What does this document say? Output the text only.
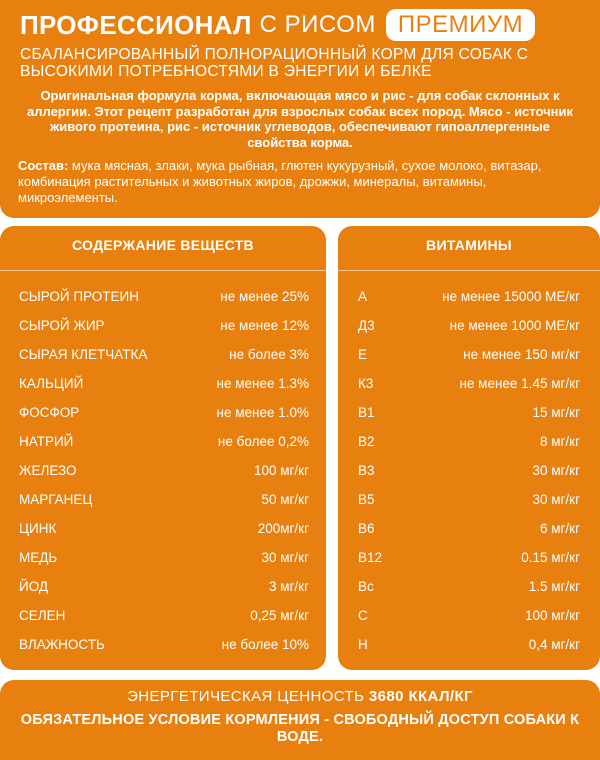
ПРОФЕССИОНАЛ С РИСОМ ПРЕМИУМ
СБАЛАНСИРОВАННЫЙ ПОЛНОРАЦИОННЫЙ КОРМ ДЛЯ СОБАК С ВЫСОКИМИ ПОТРЕБНОСТЯМИ В ЭНЕРГИИ И БЕЛКЕ
Оригинальная формула корма, включающая мясо и рис - для собак склонных к аллергии. Этот рецепт разработан для взрослых собак всех пород. Мясо - источник живого протеина, рис - источник углеводов, обеспечивают гипоаллергенные свойства корма.
Состав: мука мясная, злаки, мука рыбная, глютен кукурузный, сухое молоко, витазар, комбинация растительных и животных жиров, дрожжи, минералы, витамины, микроэлементы.
СОДЕРЖАНИЕ ВЕЩЕСТВ
СЫРОЙ ПРОТЕИН	не менее 25%
СЫРОЙ ЖИР	не менее 12%
СЫРАЯ КЛЕТЧАТКА	не более 3%
КАЛЬЦИЙ	не менее 1.3%
ФОСФОР	не менее 1.0%
НАТРИЙ	не более 0,2%
ЖЕЛЕЗО	100 мг/кг
МАРГАНЕЦ	50 мг/кг
ЦИНК	200мг/кг
МЕДЬ	30 мг/кг
ЙОД	3 мг/кг
СЕЛЕН	0,25 мг/кг
ВЛАЖНОСТЬ	не более 10%
ВИТАМИНЫ
А	не менее 15000 МЕ/кг
Д3	не менее 1000 МЕ/кг
Е	не менее 150 мг/кг
К3	не менее 1.45 мг/кг
В1	15 мг/кг
В2	8 мг/кг
В3	30 мг/кг
В5	30 мг/кг
В6	6 мг/кг
В12	0.15 мг/кг
Вс	1.5 мг/кг
С	100 мг/кг
Н	0,4 мг/кг
ЭНЕРГЕТИЧЕСКАЯ ЦЕННОСТЬ 3680 ККАЛ/КГ
ОБЯЗАТЕЛЬНОЕ УСЛОВИЕ КОРМЛЕНИЯ - СВОБОДНЫЙ ДОСТУП СОБАКИ К ВОДЕ.
